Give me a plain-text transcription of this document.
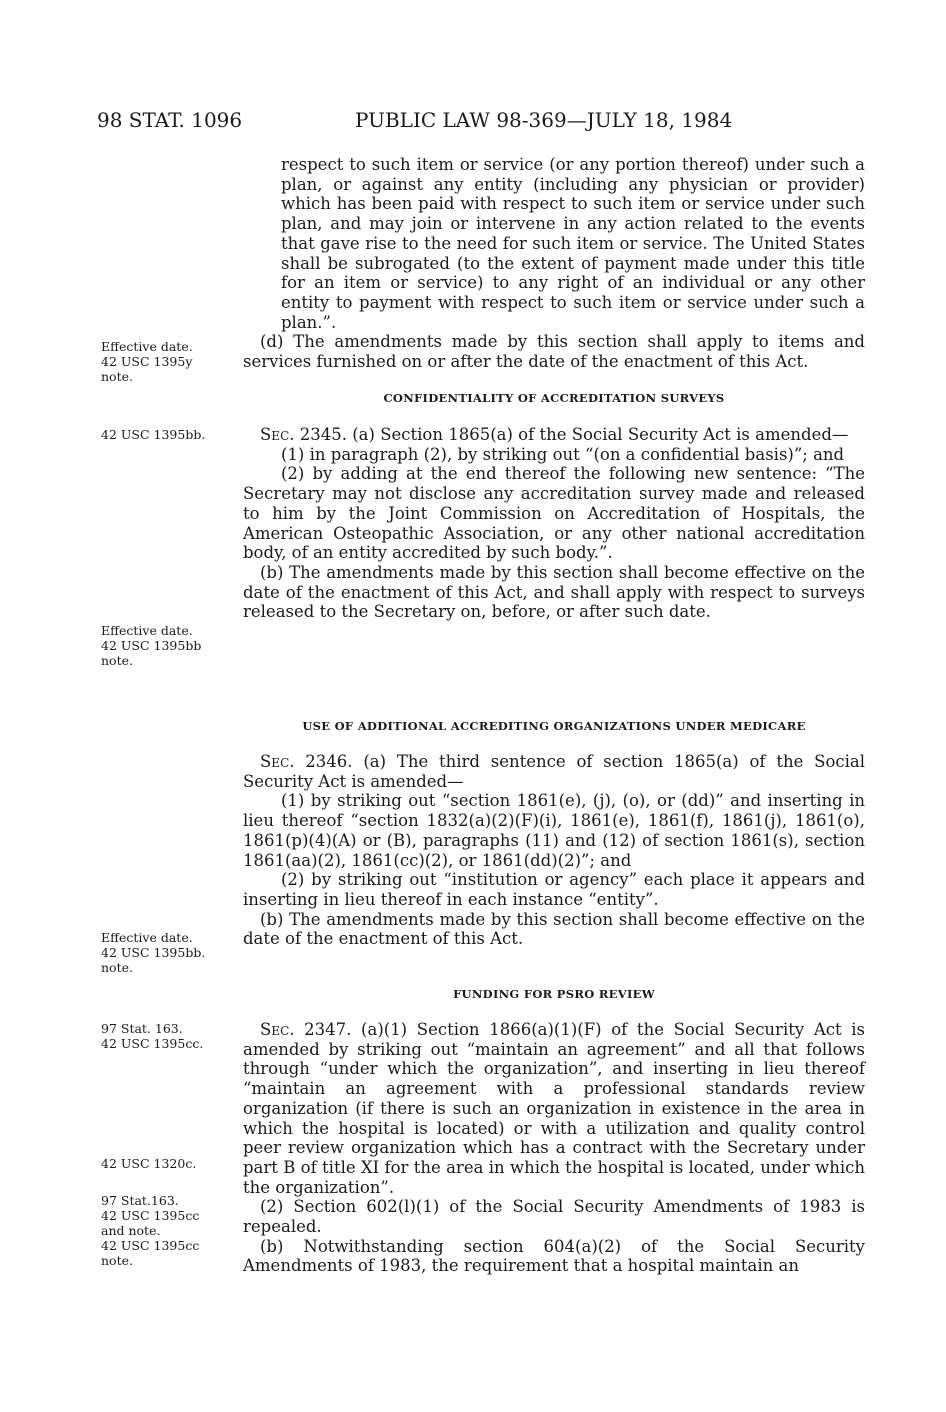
98 STAT. 1096	PUBLIC LAW 98-369—JULY 18, 1984
Effective date.
42 USC 1395y
note.
42 USC 1395bb.
Effective date.
42 USC 1395bb
note.
Effective date.
42 USC 1395bb.
note.
97 Stat. 163.
42 USC 1395cc.
42 USC 1320c.
97 Stat.163.
42 USC 1395cc
and note.
42 USC 1395cc
note.

respect to such item or service (or any portion thereof) under such a plan, or against any entity (including any physician or provider) which has been paid with respect to such item or service under such plan, and may join or intervene in any action related to the events that gave rise to the need for such item or service. The United States shall be subrogated (to the extent of payment made under this title for an item or service) to any right of an individual or any other entity to payment with respect to such item or service under such a plan.”.

(d) The amendments made by this section shall apply to items and services furnished on or after the date of the enactment of this Act.

CONFIDENTIALITY OF ACCREDITATION SURVEYS

Sec. 2345. (a) Section 1865(a) of the Social Security Act is amended—

(1) in paragraph (2), by striking out “(on a confidential basis)”; and

(2) by adding at the end thereof the following new sentence: “The Secretary may not disclose any accreditation survey made and released to him by the Joint Commission on Accreditation of Hospitals, the American Osteopathic Association, or any other national accreditation body, of an entity accredited by such body.”.

(b) The amendments made by this section shall become effective on the date of the enactment of this Act, and shall apply with respect to surveys released to the Secretary on, before, or after such date.

USE OF ADDITIONAL ACCREDITING ORGANIZATIONS UNDER MEDICARE

Sec. 2346. (a) The third sentence of section 1865(a) of the Social Security Act is amended—

(1) by striking out “section 1861(e), (j), (o), or (dd)” and inserting in lieu thereof “section 1832(a)(2)(F)(i), 1861(e), 1861(f), 1861(j), 1861(o), 1861(p)(4)(A) or (B), paragraphs (11) and (12) of section 1861(s), section 1861(aa)(2), 1861(cc)(2), or 1861(dd)(2)”; and

(2) by striking out “institution or agency” each place it appears and inserting in lieu thereof in each instance “entity”.

(b) The amendments made by this section shall become effective on the date of the enactment of this Act.

FUNDING FOR PSRO REVIEW

Sec. 2347. (a)(1) Section 1866(a)(1)(F) of the Social Security Act is amended by striking out “maintain an agreement” and all that follows through “under which the organization”, and inserting in lieu thereof “maintain an agreement with a professional standards review organization (if there is such an organization in existence in the area in which the hospital is located) or with a utilization and quality control peer review organization which has a contract with the Secretary under part B of title XI for the area in which the hospital is located, under which the organization”.

(2) Section 602(l)(1) of the Social Security Amendments of 1983 is repealed.

(b) Notwithstanding section 604(a)(2) of the Social Security Amendments of 1983, the requirement that a hospital maintain an
